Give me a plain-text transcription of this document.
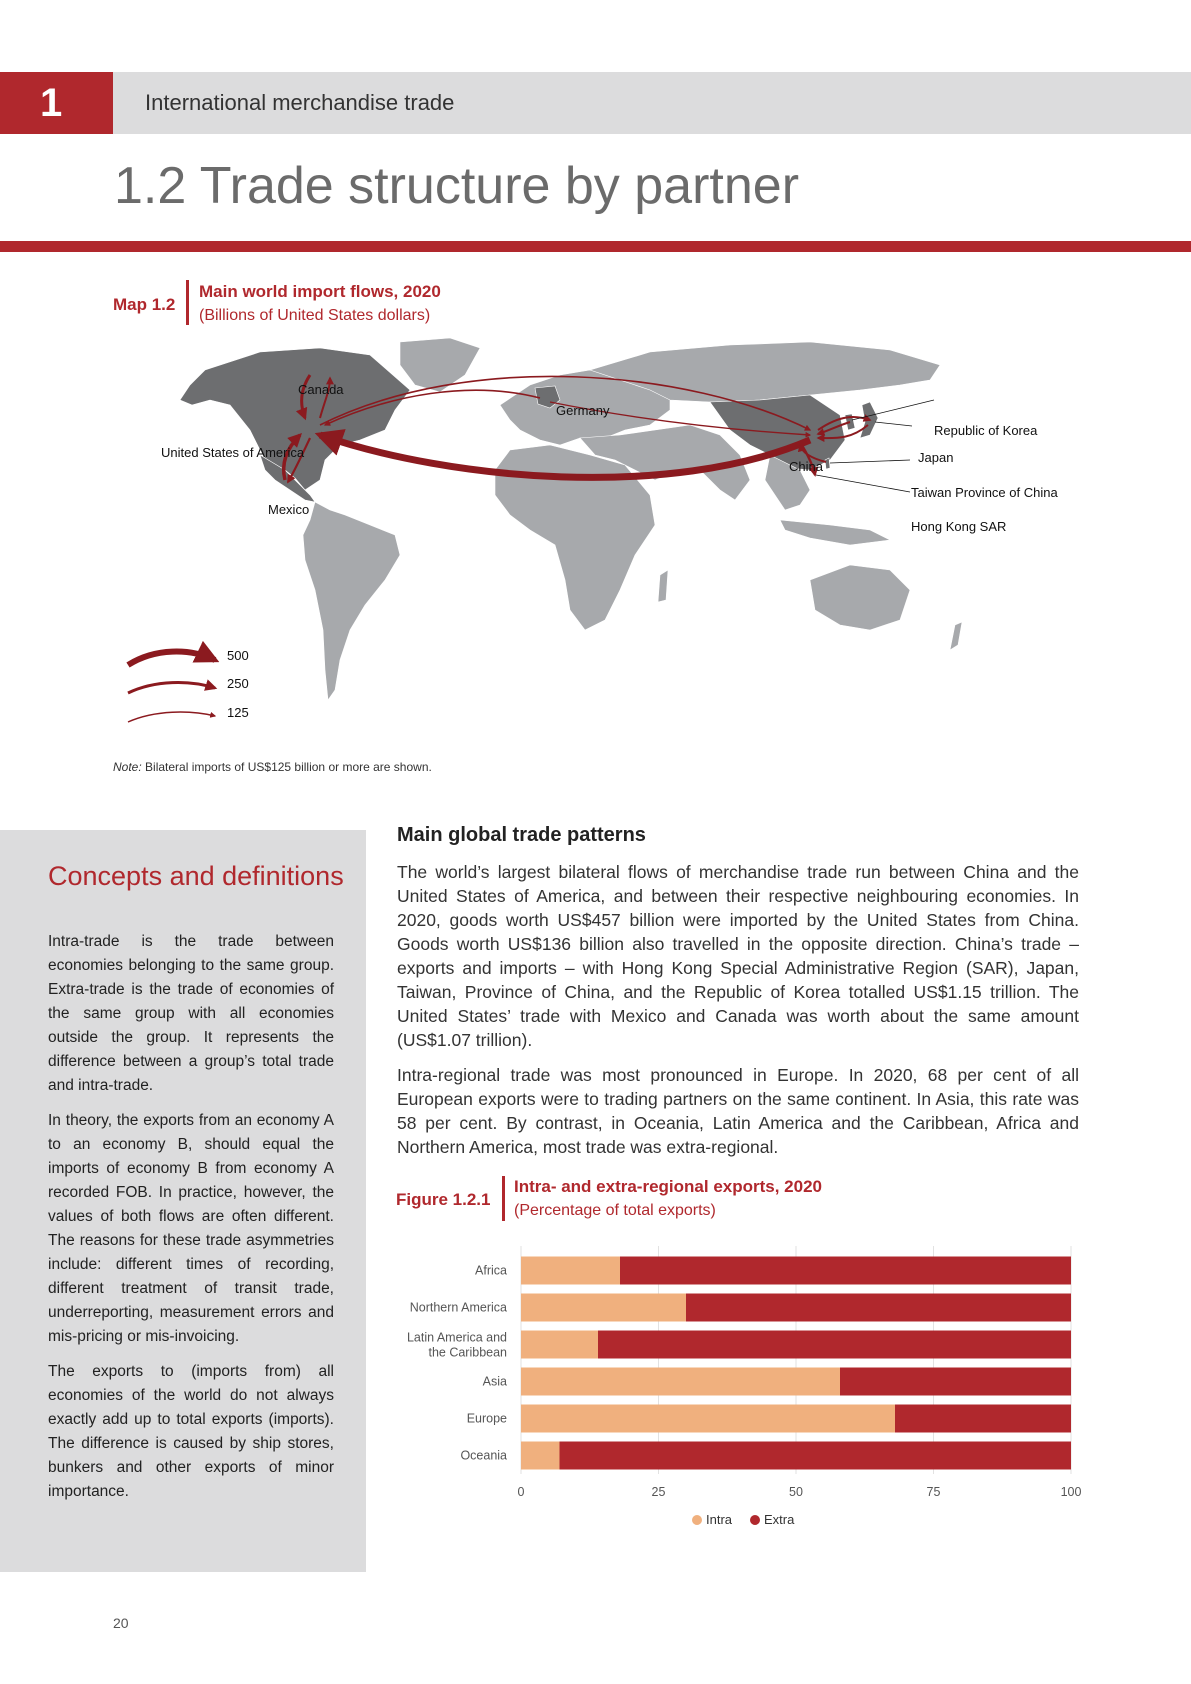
1	International merchandise trade
1.2 Trade structure by partner
Map 1.2
Main world import flows, 2020
(Billions of United States dollars)
Canada
United States of America
Mexico
Germany
China
Republic of Korea
Japan
Taiwan Province of China
Hong Kong SAR
500
250
125
Note: Bilateral imports of US$125 billion or more are shown.
Concepts and definitions

Intra-trade is the trade between economies belonging to the same group. Extra-trade is the trade of economies of the same group with all economies outside the group. It represents the difference between a group’s total trade and intra-trade.

In theory, the exports from an economy A to an economy B, should equal the imports of economy B from economy A recorded FOB. In practice, however, the values of both flows are often different. The reasons for these trade asymmetries include: different times of recording, different treatment of transit trade, underreporting, measurement errors and mis-pricing or mis-invoicing.

The exports to (imports from) all economies of the world do not always exactly add up to total exports (imports). The difference is caused by ship stores, bunkers and other exports of minor importance.

Main global trade patterns

The world’s largest bilateral flows of merchandise trade run between China and the United States of America, and between their respective neighbouring economies. In 2020, goods worth US$457 billion were imported by the United States from China. Goods worth US$136 billion also travelled in the opposite direction. China’s trade – exports and imports – with Hong Kong Special Administrative Region (SAR), Japan, Taiwan, Province of China, and the Republic of Korea totalled US$1.15 trillion. The United States’ trade with Mexico and Canada was worth about the same amount (US$1.07 trillion).

Intra-regional trade was most pronounced in Europe. In 2020, 68 per cent of all European exports were to trading partners on the same continent. In Asia, this rate was 58 per cent. By contrast, in Oceania, Latin America and the Caribbean, Africa and Northern America, most trade was extra-regional.

Figure 1.2.1
Intra- and extra-regional exports, 2020
(Percentage of total exports)
0	25	50	75	100
Africa
Northern America
Latin America and the Caribbean
Asia
Europe
Oceania
Intra Extra
20
